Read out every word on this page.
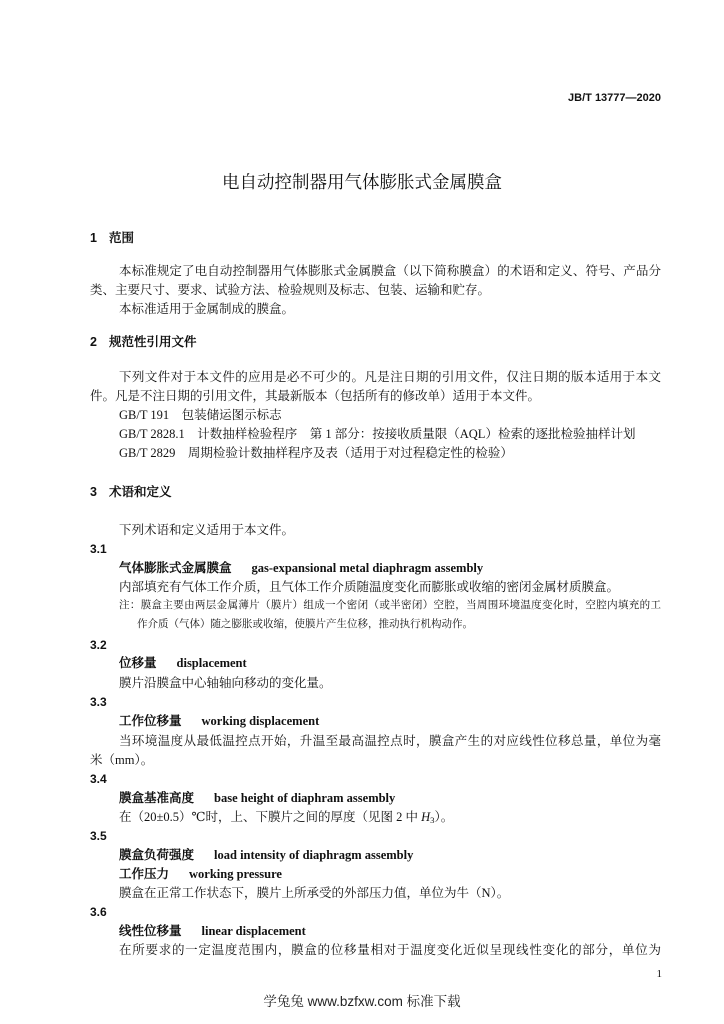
JB/T 13777—2020
电自动控制器用气体膨胀式金属膜盒
1 范围
本标准规定了电自动控制器用气体膨胀式金属膜盒（以下简称膜盒）的术语和定义、符号、产品分
类、主要尺寸、要求、试验方法、检验规则及标志、包装、运输和贮存。
本标准适用于金属制成的膜盒。
2 规范性引用文件
下列文件对于本文件的应用是必不可少的。凡是注日期的引用文件，仅注日期的版本适用于本文
件。凡是不注日期的引用文件，其最新版本（包括所有的修改单）适用于本文件。
GB/T 191 包装储运图示标志
GB/T 2828.1 计数抽样检验程序　第 1 部分：按接收质量限（AQL）检索的逐批检验抽样计划
GB/T 2829 周期检验计数抽样程序及表（适用于对过程稳定性的检验）
3 术语和定义
下列术语和定义适用于本文件。
3.1
气体膨胀式金属膜盒 gas-expansional metal diaphragm assembly
内部填充有气体工作介质，且气体工作介质随温度变化而膨胀或收缩的密闭金属材质膜盒。
注：膜盒主要由两层金属薄片（膜片）组成一个密闭（或半密闭）空腔，当周围环境温度变化时，空腔内填充的工
作介质（气体）随之膨胀或收缩，使膜片产生位移，推动执行机构动作。
3.2
位移量 displacement
膜片沿膜盒中心轴轴向移动的变化量。
3.3
工作位移量 working displacement
当环境温度从最低温控点开始，升温至最高温控点时，膜盒产生的对应线性位移总量，单位为毫
米（mm）。
3.4
膜盒基准高度 base height of diaphram assembly
在（20±0.5）℃时，上、下膜片之间的厚度（见图 2 中 $H_3$）。
3.5
膜盒负荷强度 load intensity of diaphragm assembly
工作压力 working pressure
膜盒在正常工作状态下，膜片上所承受的外部压力值，单位为牛（N）。
3.6
线性位移量 linear displacement
在所要求的一定温度范围内，膜盒的位移量相对于温度变化近似呈现线性变化的部分，单位为
1
学兔兔 www.bzfxw.com 标准下载
